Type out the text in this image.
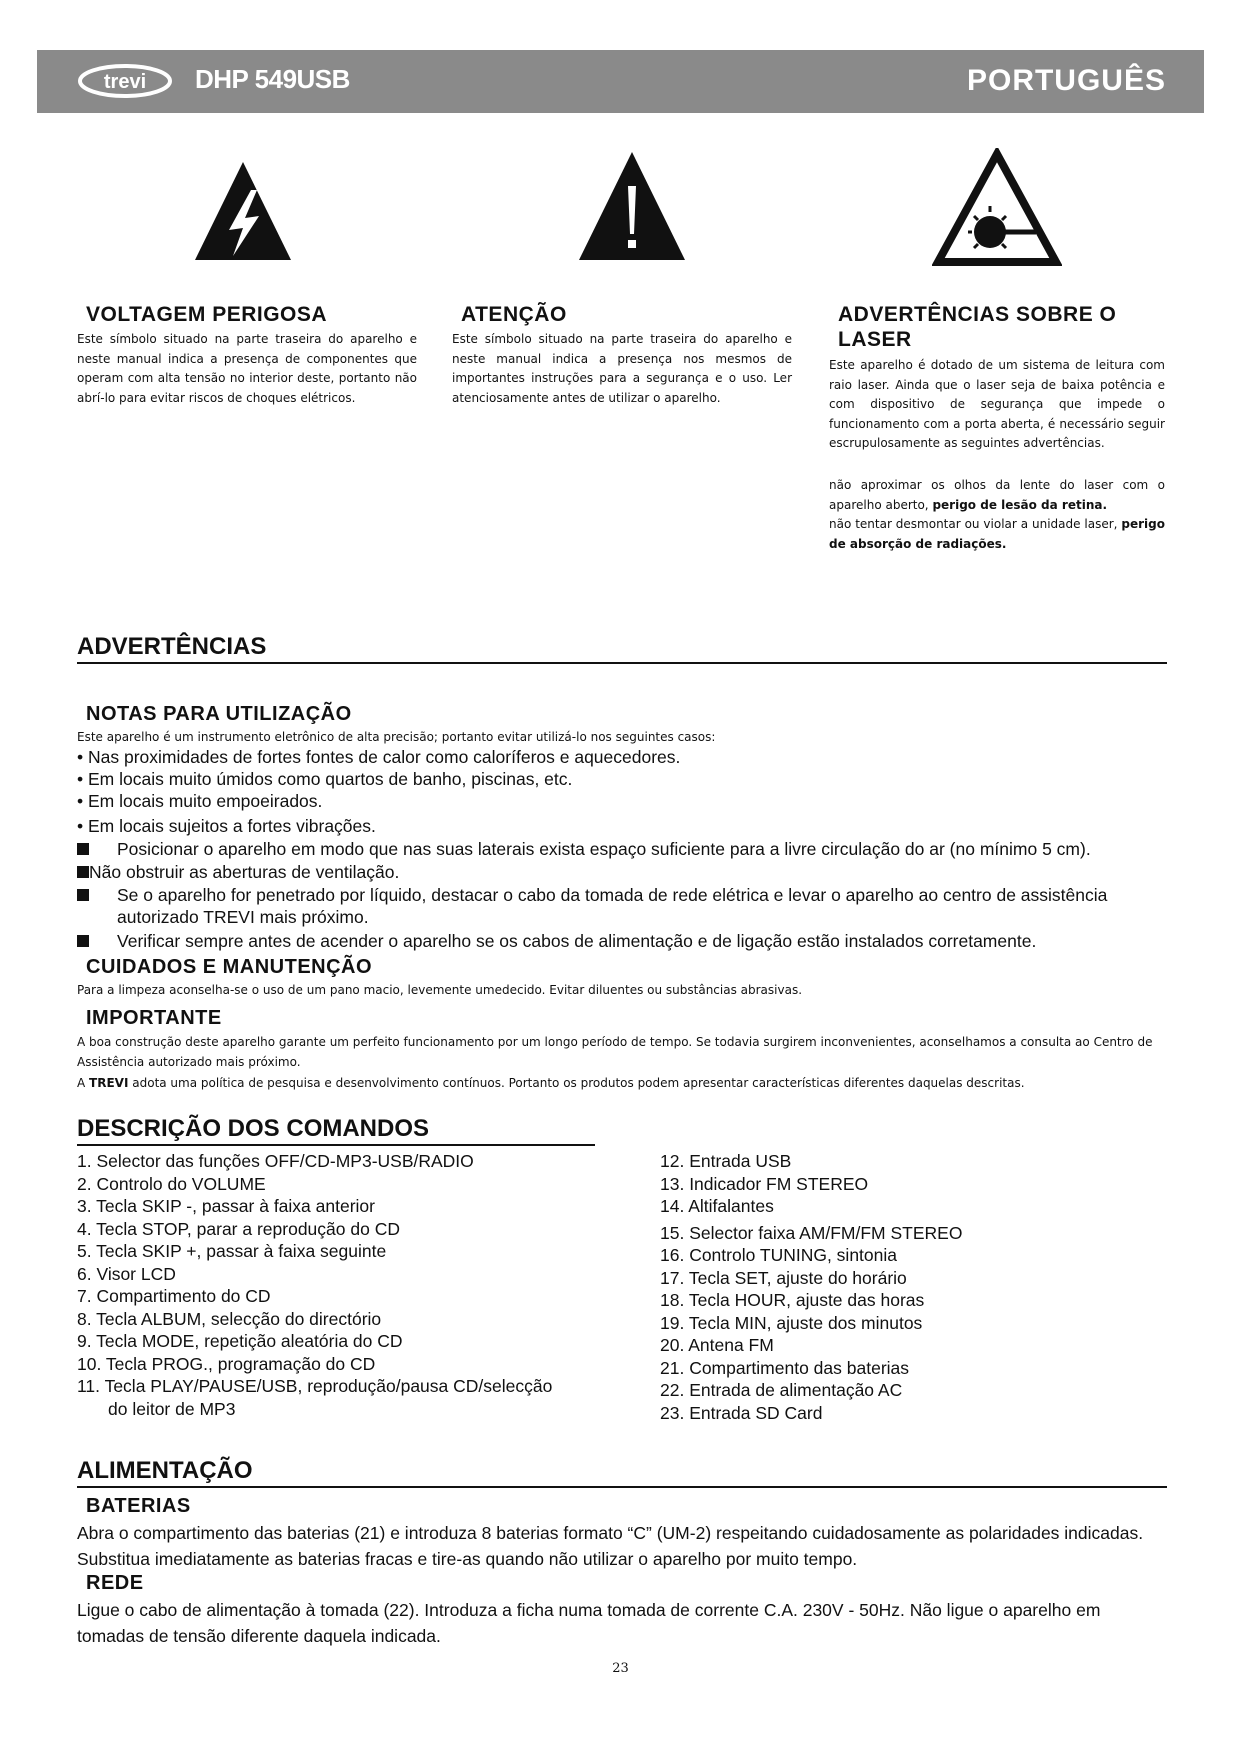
trevi DHP 549USB	PORTUGUÊS
VOLTAGEM PERIGOSA
Este símbolo situado na parte traseira do aparelho e neste manual indica a presença de componentes que operam com alta tensão no interior deste, portanto não abrí-lo para evitar riscos de choques elétricos.
ATENÇÃO
Este símbolo situado na parte traseira do aparelho e neste manual indica a presença nos mesmos de importantes instruções para a segurança e o uso. Ler atenciosamente antes de utilizar o aparelho.
ADVERTÊNCIAS SOBRE O
LASER
Este aparelho é dotado de um sistema de leitura com raio laser. Ainda que o laser seja de baixa potência e com dispositivo de segurança que impede o funcionamento com a porta aberta, é necessário seguir escrupulosamente as seguintes advertências.
não aproximar os olhos da lente do laser com o aparelho aberto, perigo de lesão da retina.
não tentar desmontar ou violar a unidade laser, perigo de absorção de radiações.
ADVERTÊNCIAS
NOTAS PARA UTILIZAÇÃO
Este aparelho é um instrumento eletrônico de alta precisão; portanto evitar utilizá-lo nos seguintes casos:
• Nas proximidades de fortes fontes de calor como caloríferos e aquecedores.
• Em locais muito úmidos como quartos de banho, piscinas, etc.
• Em locais muito empoeirados.
• Em locais sujeitos a fortes vibrações.
Posicionar o aparelho em modo que nas suas laterais exista espaço suficiente para a livre circulação do ar (no mínimo 5 cm).
Não obstruir as aberturas de ventilação.
Se o aparelho for penetrado por líquido, destacar o cabo da tomada de rede elétrica e levar o aparelho ao centro de assistência
autorizado TREVI mais próximo.
Verificar sempre antes de acender o aparelho se os cabos de alimentação e de ligação estão instalados corretamente.
CUIDADOS E MANUTENÇÃO
Para a limpeza aconselha-se o uso de um pano macio, levemente umedecido. Evitar diluentes ou substâncias abrasivas.
IMPORTANTE
A boa construção deste aparelho garante um perfeito funcionamento por um longo período de tempo. Se todavia surgirem inconvenientes, aconselhamos a consulta ao Centro de Assistência autorizado mais próximo.
A TREVI adota uma política de pesquisa e desenvolvimento contínuos. Portanto os produtos podem apresentar características diferentes daquelas descritas.
DESCRIÇÃO DOS COMANDOS
1. Selector das funções OFF/CD-MP3-USB/RADIO
2. Controlo do VOLUME
3. Tecla SKIP -, passar à faixa anterior
4. Tecla STOP, parar a reprodução do CD
5. Tecla SKIP +, passar à faixa seguinte
6. Visor LCD
7. Compartimento do CD
8. Tecla ALBUM, selecção do directório
9. Tecla MODE, repetição aleatória do CD
10. Tecla PROG., programação do CD
11. Tecla PLAY/PAUSE/USB, reprodução/pausa CD/selecção
do leitor de MP3
12. Entrada USB
13. Indicador FM STEREO
14. Altifalantes
15. Selector faixa AM/FM/FM STEREO
16. Controlo TUNING, sintonia
17. Tecla SET, ajuste do horário
18. Tecla HOUR, ajuste das horas
19. Tecla MIN, ajuste dos minutos
20. Antena FM
21. Compartimento das baterias
22. Entrada de alimentação AC
23. Entrada SD Card
ALIMENTAÇÃO
BATERIAS
Abra o compartimento das baterias (21) e introduza 8 baterias formato “C” (UM-2) respeitando cuidadosamente as polaridades indicadas. Substitua imediatamente as baterias fracas e tire-as quando não utilizar o aparelho por muito tempo.
REDE
Ligue o cabo de alimentação à tomada (22). Introduza a ficha numa tomada de corrente C.A. 230V - 50Hz. Não ligue o aparelho em tomadas de tensão diferente daquela indicada.
23
